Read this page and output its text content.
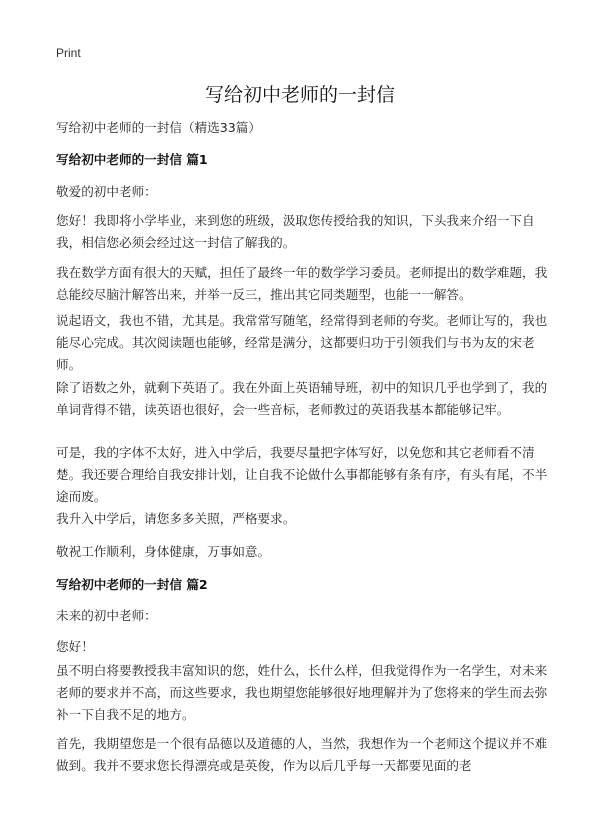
Print
写给初中老师的一封信
写给初中老师的一封信（精选33篇）
写给初中老师的一封信 篇1

敬爱的初中老师：

您好！我即将小学毕业，来到您的班级，汲取您传授给我的知识，下头我来介绍一下自我，相信您必须会经过这一封信了解我的。

我在数学方面有很大的天赋，担任了最终一年的数学学习委员。老师提出的数学难题，我总能绞尽脑汁解答出来，并举一反三，推出其它同类题型，也能一一解答。

说起语文，我也不错，尤其是。我常常写随笔，经常得到老师的夸奖。老师让写的，我也能尽心完成。其次阅读题也能够，经常是满分，这都要归功于引领我们与书为友的宋老师。

除了语数之外，就剩下英语了。我在外面上英语辅导班，初中的知识几乎也学到了，我的单词背得不错，读英语也很好，会一些音标，老师教过的英语我基本都能够记牢。

可是，我的字体不太好，进入中学后，我要尽量把字体写好，以免您和其它老师看不清楚。我还要合理给自我安排计划，让自我不论做什么事都能够有条有序，有头有尾，不半途而废。

我升入中学后，请您多多关照，严格要求。

敬祝工作顺利，身体健康，万事如意。

写给初中老师的一封信 篇2

未来的初中老师：

您好！

虽不明白将要教授我丰富知识的您，姓什么，长什么样，但我觉得作为一名学生，对未来老师的要求并不高，而这些要求，我也期望您能够很好地理解并为了您将来的学生而去弥补一下自我不足的地方。

首先，我期望您是一个很有品德以及道德的人，当然，我想作为一个老师这个提议并不难做到。我并不要求您长得漂亮或是英俊，作为以后几乎每一天都要见面的老
